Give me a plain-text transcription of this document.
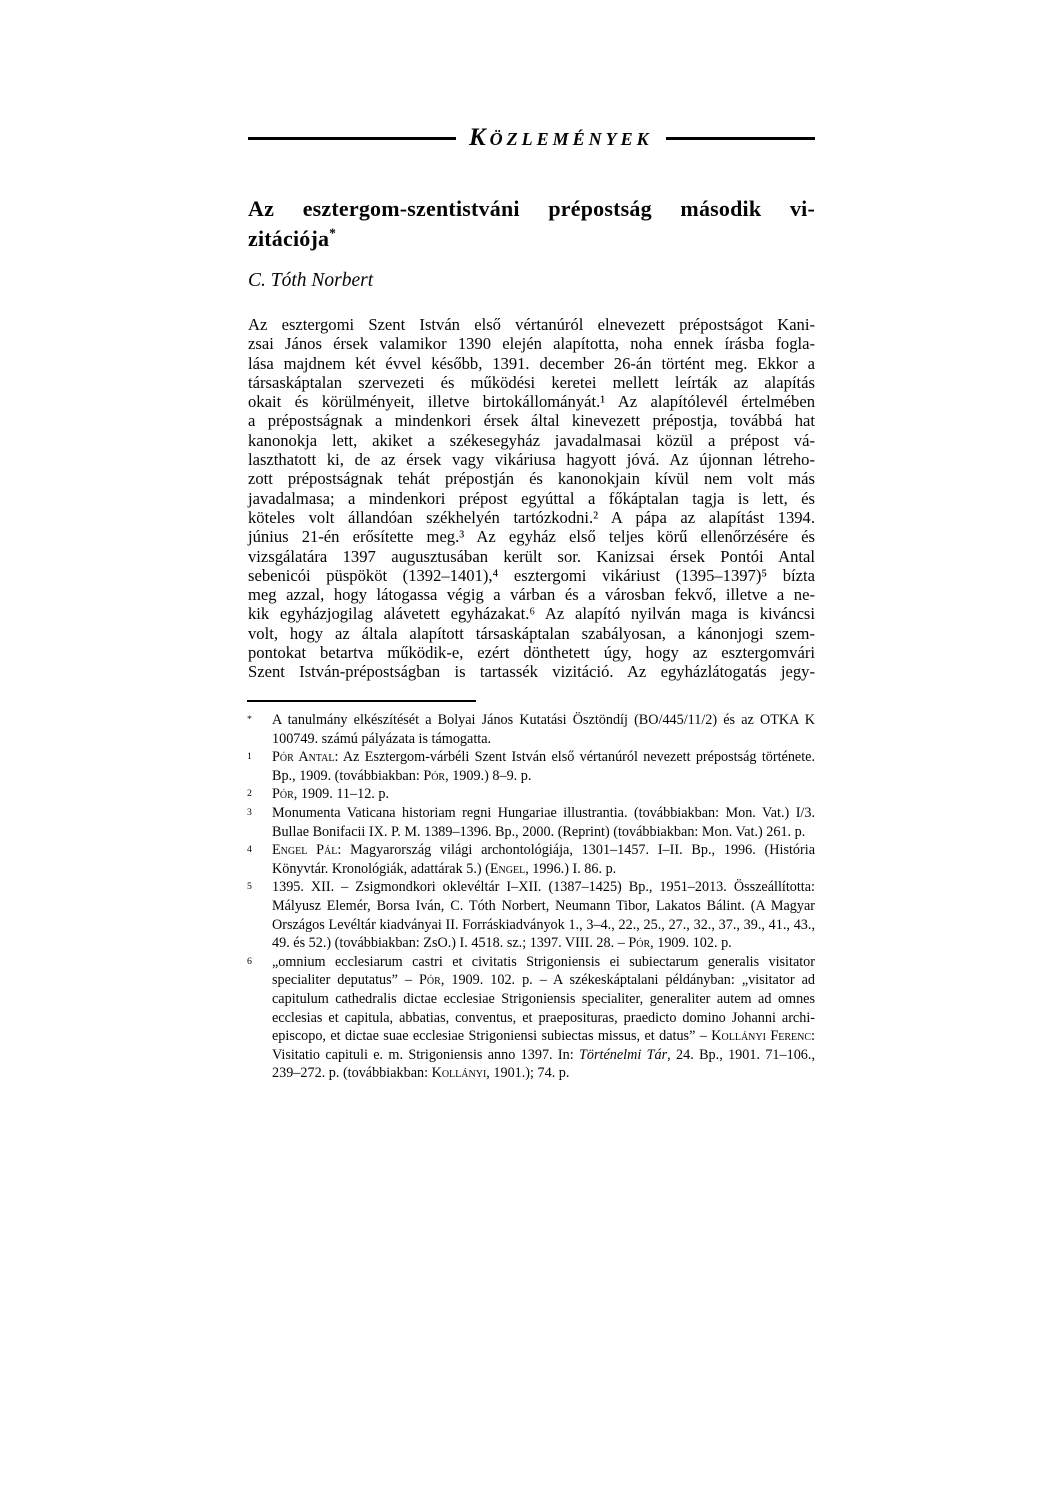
Közlemények
Az esztergom-szentistváni prépostság második vi-
zitációja*
C. Tóth Norbert
Az esztergomi Szent István első vértanúról elnevezett prépostságot Kani-
zsai János érsek valamikor 1390 elején alapította, noha ennek írásba fogla-
lása majdnem két évvel később, 1391. december 26-án történt meg. Ekkor a
társaskáptalan szervezeti és működési keretei mellett leírták az alapítás
okait és körülményeit, illetve birtokállományát.¹ Az alapítólevél értelmében
a prépostságnak a mindenkori érsek által kinevezett prépostja, továbbá hat
kanonokja lett, akiket a székesegyház javadalmasai közül a prépost vá-
laszthatott ki, de az érsek vagy vikáriusa hagyott jóvá. Az újonnan létreho-
zott prépostságnak tehát prépostján és kanonokjain kívül nem volt más
javadalmasa; a mindenkori prépost egyúttal a főkáptalan tagja is lett, és
köteles volt állandóan székhelyén tartózkodni.² A pápa az alapítást 1394.
június 21-én erősítette meg.³ Az egyház első teljes körű ellenőrzésére és
vizsgálatára 1397 augusztusában került sor. Kanizsai érsek Pontói Antal
sebenicói püspököt (1392–1401),⁴ esztergomi vikáriust (1395–1397)⁵ bízta
meg azzal, hogy látogassa végig a várban és a városban fekvő, illetve a ne-
kik egyházjogilag alávetett egyházakat.⁶ Az alapító nyilván maga is kiváncsi
volt, hogy az általa alapított társaskáptalan szabályosan, a kánonjogi szem-
pontokat betartva működik-e, ezért dönthetett úgy, hogy az esztergomvári
Szent István-prépostságban is tartassék vizitáció. Az egyházlátogatás jegy-
*	A tanulmány elkészítését a Bolyai János Kutatási Ösztöndíj (BO/445/11/2) és az OTKA K 100749. számú pályázata is támogatta.
1	Pór Antal: Az Esztergom-várbéli Szent István első vértanúról nevezett prépostság története. Bp., 1909. (továbbiakban: Pór, 1909.) 8–9. p.
2	Pór, 1909. 11–12. p.
3	Monumenta Vaticana historiam regni Hungariae illustrantia. (továbbiakban: Mon. Vat.) I/3. Bullae Bonifacii IX. P. M. 1389–1396. Bp., 2000. (Reprint) (továbbiakban: Mon. Vat.) 261. p.
4	Engel Pál: Magyarország világi archontológiája, 1301–1457. I–II. Bp., 1996. (História Könyvtár. Kronológiák, adattárak 5.) (Engel, 1996.) I. 86. p.
5	1395. XII. – Zsigmondkori oklevéltár I–XII. (1387–1425) Bp., 1951–2013. Összeállította: Mályusz Elemér, Borsa Iván, C. Tóth Norbert, Neumann Tibor, Lakatos Bálint. (A Magyar Országos Levéltár kiadványai II. Forráskiadványok 1., 3–4., 22., 25., 27., 32., 37., 39., 41., 43., 49. és 52.) (továbbiakban: ZsO.) I. 4518. sz.; 1397. VIII. 28. – Pór, 1909. 102. p.
6	„omnium ecclesiarum castri et civitatis Strigoniensis ei subiectarum generalis visitator specialiter deputatus” – Pór, 1909. 102. p. – A székeskáptalani példányban: „visitator ad capitulum cathedralis dictae ecclesiae Strigoniensis specialiter, generaliter autem ad omnes ecclesias et capitula, abbatias, conventus, et praeposituras, praedicto domino Johanni archi-episcopo, et dictae suae ecclesiae Strigoniensi subiectas missus, et datus” – Kollányi Ferenc: Visitatio capituli e. m. Strigoniensis anno 1397. In: Történelmi Tár, 24. Bp., 1901. 71–106., 239–272. p. (továbbiakban: Kollányi, 1901.); 74. p.
